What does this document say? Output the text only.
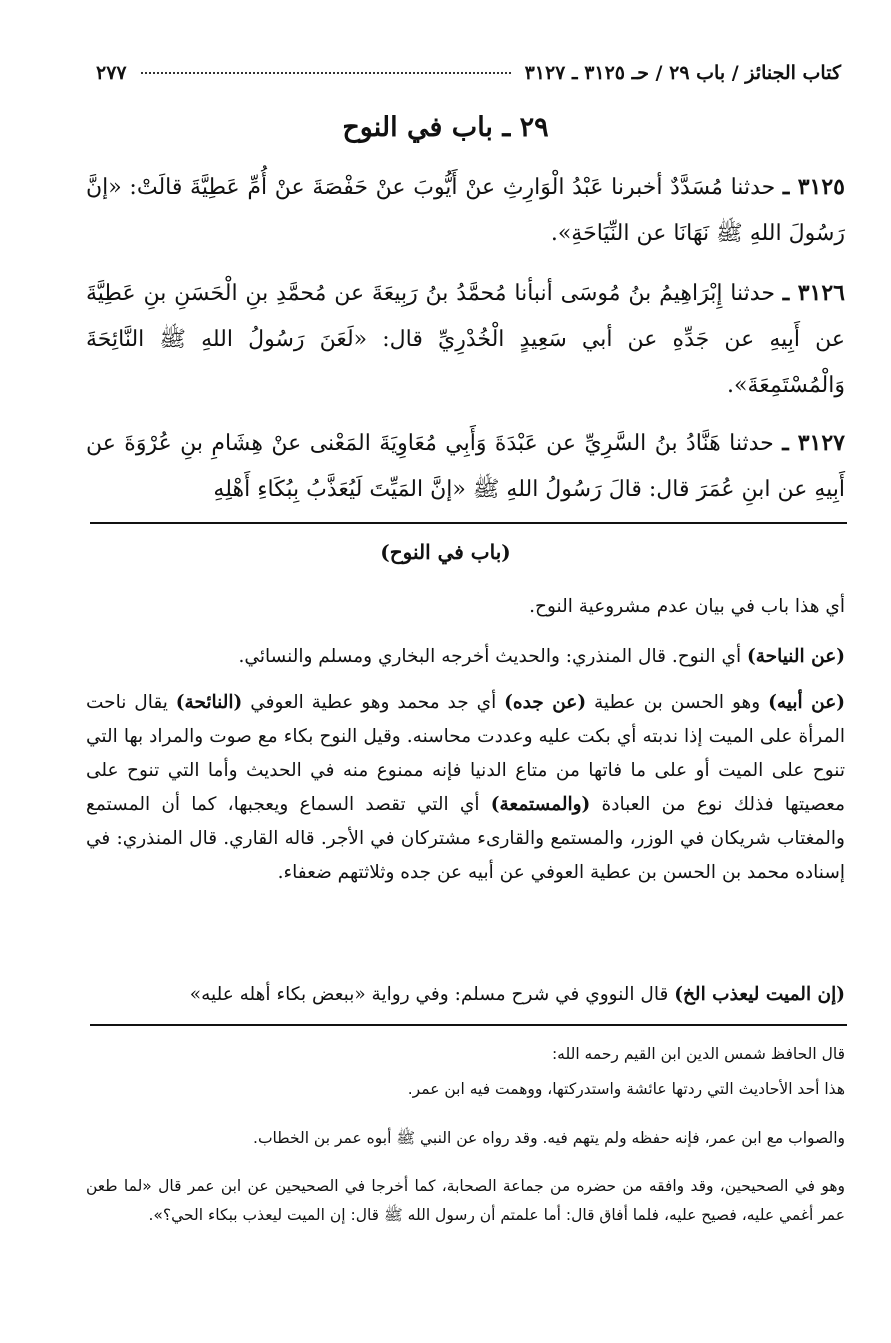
كتاب الجنائز / باب ٢٩ / حـ ٣١٢٥ ـ ٣١٢٧
٢٧٧
٢٩ ـ باب في النوح
٣١٢٥ ـ حدثنا مُسَدَّدٌ أخبرنا عَبْدُ الْوَارِثِ عنْ أَيُّوبَ عنْ حَفْصَةَ عنْ أُمِّ عَطِيَّةَ قالَتْ: «إنَّ رَسُولَ اللهِ ﷺ نَهَانَا عن النِّيَاحَةِ».
٣١٢٦ ـ حدثنا إِبْرَاهِيمُ بنُ مُوسَى أنبأنا مُحمَّدُ بنُ رَبِيعَةَ عن مُحمَّدِ بنِ الْحَسَنِ بنِ عَطِيَّةَ عن أَبِيهِ عن جَدِّهِ عن أبي سَعِيدٍ الْخُدْرِيِّ قال: «لَعَنَ رَسُولُ اللهِ ﷺ النَّائِحَةَ وَالْمُسْتَمِعَةَ».
٣١٢٧ ـ حدثنا هَنَّادُ بنُ السَّرِيِّ عن عَبْدَةَ وَأَبِي مُعَاوِيَةَ المَعْنى عنْ هِشَامِ بنِ عُرْوَةَ عن أَبِيهِ عن ابنِ عُمَرَ قال: قالَ رَسُولُ اللهِ ﷺ «إنَّ المَيِّتَ لَيُعَذَّبُ بِبُكَاءِ أَهْلِهِ
(باب في النوح)
أي هذا باب في بيان عدم مشروعية النوح.
(عن النياحة) أي النوح. قال المنذري: والحديث أخرجه البخاري ومسلم والنسائي.
(عن أبيه) وهو الحسن بن عطية (عن جده) أي جد محمد وهو عطية العوفي (النائحة) يقال ناحت المرأة على الميت إذا ندبته أي بكت عليه وعددت محاسنه. وقيل النوح بكاء مع صوت والمراد بها التي تنوح على الميت أو على ما فاتها من متاع الدنيا فإنه ممنوع منه في الحديث وأما التي تنوح على معصيتها فذلك نوع من العبادة (والمستمعة) أي التي تقصد السماع ويعجبها، كما أن المستمع والمغتاب شريكان في الوزر، والمستمع والقارىء مشتركان في الأجر. قاله القاري. قال المنذري: في إسناده محمد بن الحسن بن عطية العوفي عن أبيه عن جده وثلاثتهم ضعفاء.
(إن الميت ليعذب الخ) قال النووي في شرح مسلم: وفي رواية «ببعض بكاء أهله عليه»
قال الحافظ شمس الدين ابن القيم رحمه الله:
هذا أحد الأحاديث التي ردتها عائشة واستدركتها، ووهمت فيه ابن عمر.
والصواب مع ابن عمر، فإنه حفظه ولم يتهم فيه. وقد رواه عن النبي ﷺ أبوه عمر بن الخطاب.
وهو في الصحيحين، وقد وافقه من حضره من جماعة الصحابة، كما أخرجا في الصحيحين عن ابن عمر قال «لما طعن عمر أغمي عليه، فصيح عليه، فلما أفاق قال: أما علمتم أن رسول الله ﷺ قال: إن الميت ليعذب ببكاء الحي؟».
